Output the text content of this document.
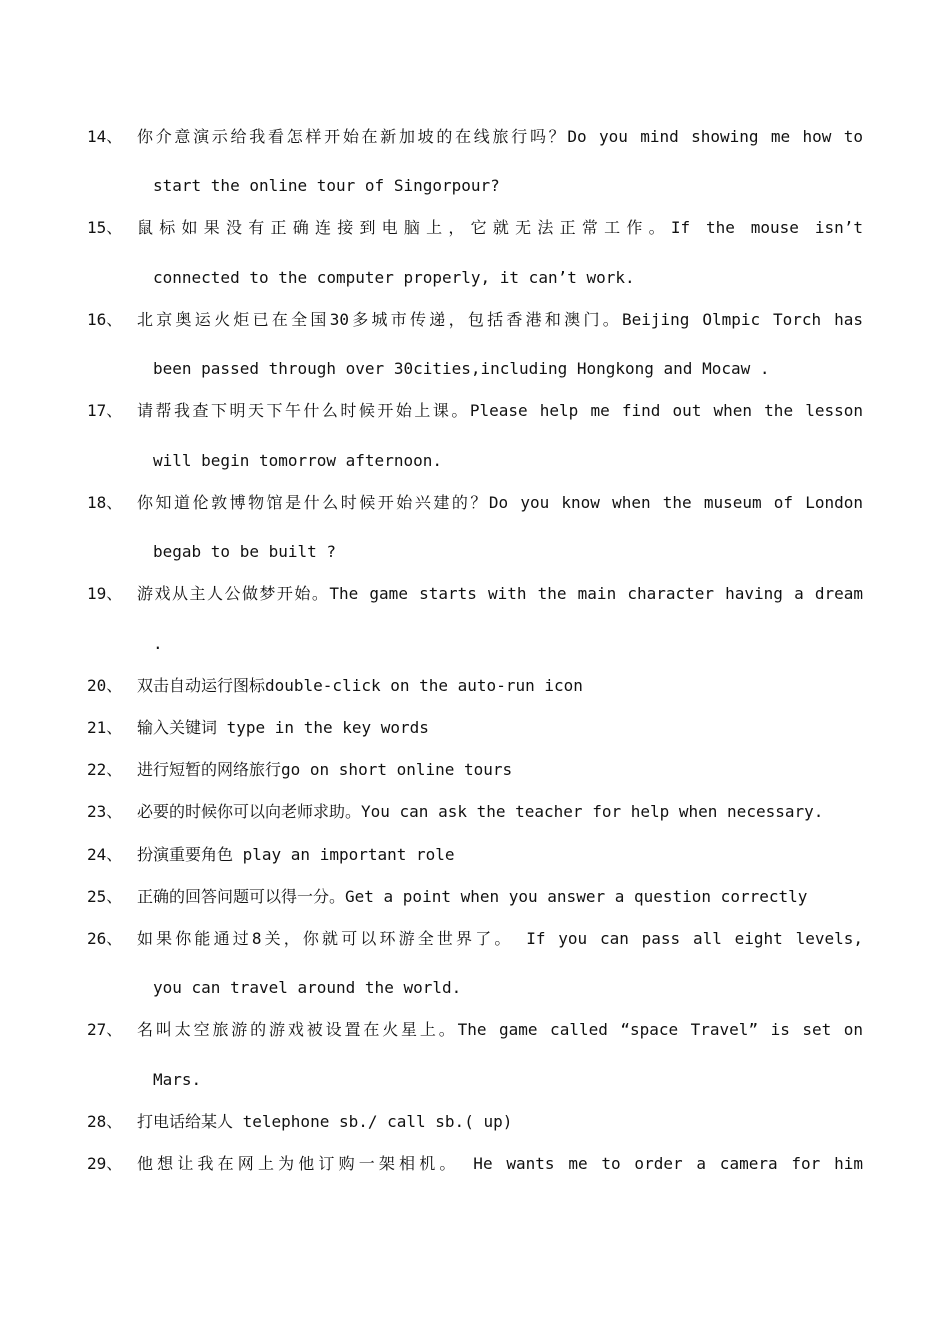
14、 你介意演示给我看怎样开始在新加坡的在线旅行吗？Do you mind showing me how to
start the online tour of Singorpour?
15、 鼠标如果没有正确连接到电脑上，它就无法正常工作。If the mouse isn’t
connected to the computer properly, it can’t work.
16、 北京奥运火炬已在全国30多城市传递，包括香港和澳门。Beijing Olmpic Torch has
been passed through over 30cities,including Hongkong and Mocaw .
17、 请帮我查下明天下午什么时候开始上课。Please help me find out when the lesson
will begin tomorrow afternoon.
18、 你知道伦敦博物馆是什么时候开始兴建的？Do you know when the museum of London
begab to be built ?
19、 游戏从主人公做梦开始。The game starts with the main character having a dream
.
20、 双击自动运行图标double-click on the auto-run icon
21、 输入关键词 type in the key words
22、 进行短暂的网络旅行go on short online tours
23、 必要的时候你可以向老师求助。You can ask the teacher for help when necessary.
24、 扮演重要角色 play an important role
25、 正确的回答问题可以得一分。Get a point when you answer a question correctly
26、 如果你能通过8关，你就可以环游全世界了。 If you can pass all eight levels,
you can travel around the world.
27、 名叫太空旅游的游戏被设置在火星上。The game called “space Travel” is set on
Mars.
28、 打电话给某人 telephone sb./ call sb.( up)
29、 他想让我在网上为他订购一架相机。 He wants me to order a camera for him
